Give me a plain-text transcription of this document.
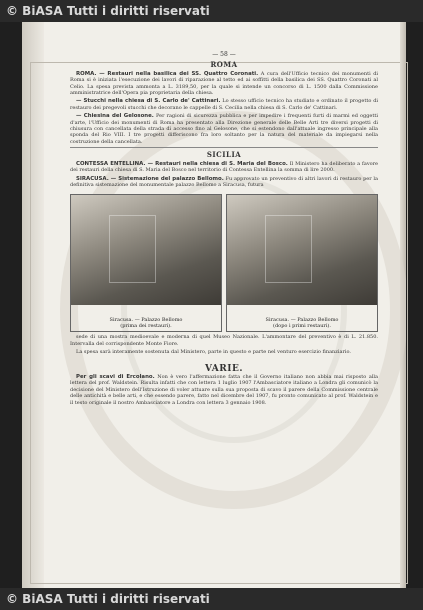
© BiASA Tutti i diritti riservati
— 58 —
ROMA

ROMA. — Restauri nella basilica dei SS. Quattro Coronati. A cura dell'Ufficio tecnico dei monumenti di Roma si è iniziata l'esecuzione dei lavori di riparazione al tetto ed ai soffitti della basilica dei SS. Quattro Coronati al Celio. La spesa prevista ammonta a L. 3189,50, per la quale si intende un concorso di L. 1500 dalla Commissione amministratrice dell'Opera pia proprietaria della chiesa.

— Stucchi nella chiesa di S. Carlo de' Cattinari. Lo stesso ufficio tecnico ha studiato e ordinato il progetto di restauro dei pregevoli stucchi che decorano le cappelle di S. Cecilia nella chiesa di S. Carlo de' Cattinari.

— Chiesina del Gelosone. Per ragioni di sicurezza pubblica e per impedire i frequenti furti di marmi ed oggetti d'arte, l'Ufficio dei monumenti di Roma ha presentato alla Direzione generale delle Belle Arti tre diversi progetti di chiusura con cancellata della strada di accesso fino al Gelosone, che si estendono dall'attuale ingresso principale alla sponda del Rio VIII. I tre progetti differiscono fra loro soltanto per la natura del materiale da impiegarsi nella costruzione della cancellata.

SICILIA

CONTESSA ENTELLINA. — Restauri nella chiesa di S. Maria del Bosco. Il Ministero ha deliberato a favore dei restauri della chiesa di S. Maria del Bosco nel territorio di Contessa Entellina la somma di lire 2000.

SIRACUSA. — Sistemazione del palazzo Bellomo. Fu approvato un preventivo di altri lavori di restauro per la definitiva sistemazione del monumentale palazzo Bellomo a Siracusa, futura

Siracusa. — Palazzo Bellomo
(prima dei restauri).
Siracusa. — Palazzo Bellomo
(dopo i primi restauri).

sede di una mostra medioevale e moderna di quel Museo Nazionale. L'ammontare del preventivo è di L. 21.850. Intervalla del corrispondente Monte Fiore.

La spesa sarà interamente sostenuta dal Ministero, parte in questo e parte nel venturo esercizio finanziario.

VARIE.

Per gli scavi di Ercolano. Non è vero l'affermazione fatta che il Governo italiano non abbia mai risposto alla lettera del prof. Waldstein. Risulta infatti che con lettera 1 luglio 1907 l'Ambasciatore italiano a Londra gli comunicò la decisione del Ministero dell'Istruzione di voler attuare sulla sua proposta di scavo il parere della Commissione centrale delle antichità e belle arti, e che essendo parere, fatto nel dicembre del 1907, fu pronto comunicato al prof. Waldstein e il testo originale il nostro Ambasciatore a Londra con lettera 3 gennaio 1908.

© BiASA Tutti i diritti riservati
